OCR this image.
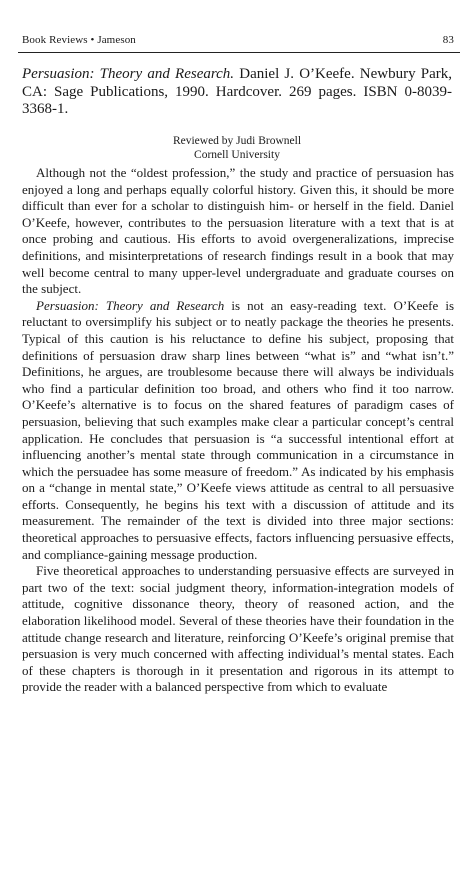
Book Reviews • Jameson	83
Persuasion: Theory and Research. Daniel J. O’Keefe. Newbury Park, CA: Sage Publications, 1990. Hardcover. 269 pages. ISBN 0-8039-3368-1.
Reviewed by Judi Brownell
Cornell University

Although not the “oldest profession,” the study and practice of persuasion has enjoyed a long and perhaps equally colorful history. Given this, it should be more difficult than ever for a scholar to distinguish him- or herself in the field. Daniel O’Keefe, however, contributes to the persuasion literature with a text that is at once probing and cautious. His efforts to avoid overgeneralizations, imprecise definitions, and misinterpretations of research findings result in a book that may well become central to many upper-level undergraduate and graduate courses on the subject.

Persuasion: Theory and Research is not an easy-reading text. O’Keefe is reluctant to oversimplify his subject or to neatly package the theories he presents. Typical of this caution is his reluctance to define his subject, proposing that definitions of persuasion draw sharp lines between “what is” and “what isn’t.” Definitions, he argues, are troublesome because there will always be individuals who find a particular definition too broad, and others who find it too narrow. O’Keefe’s alternative is to focus on the shared features of paradigm cases of persuasion, believing that such examples make clear a particular concept’s central application. He concludes that persuasion is “a successful intentional effort at influencing another’s mental state through communication in a circumstance in which the persuadee has some measure of freedom.” As indicated by his emphasis on a “change in mental state,” O’Keefe views attitude as central to all persuasive efforts. Consequently, he begins his text with a discussion of attitude and its measurement. The remainder of the text is divided into three major sections: theoretical approaches to persuasive effects, factors influencing persuasive effects, and compliance-gaining message production.

Five theoretical approaches to understanding persuasive effects are surveyed in part two of the text: social judgment theory, information-integration models of attitude, cognitive dissonance theory, theory of reasoned action, and the elaboration likelihood model. Several of these theories have their foundation in the attitude change research and literature, reinforcing O’Keefe’s original premise that persuasion is very much concerned with affecting individual’s mental states. Each of these chapters is thorough in it presentation and rigorous in its attempt to provide the reader with a balanced perspective from which to evaluate
